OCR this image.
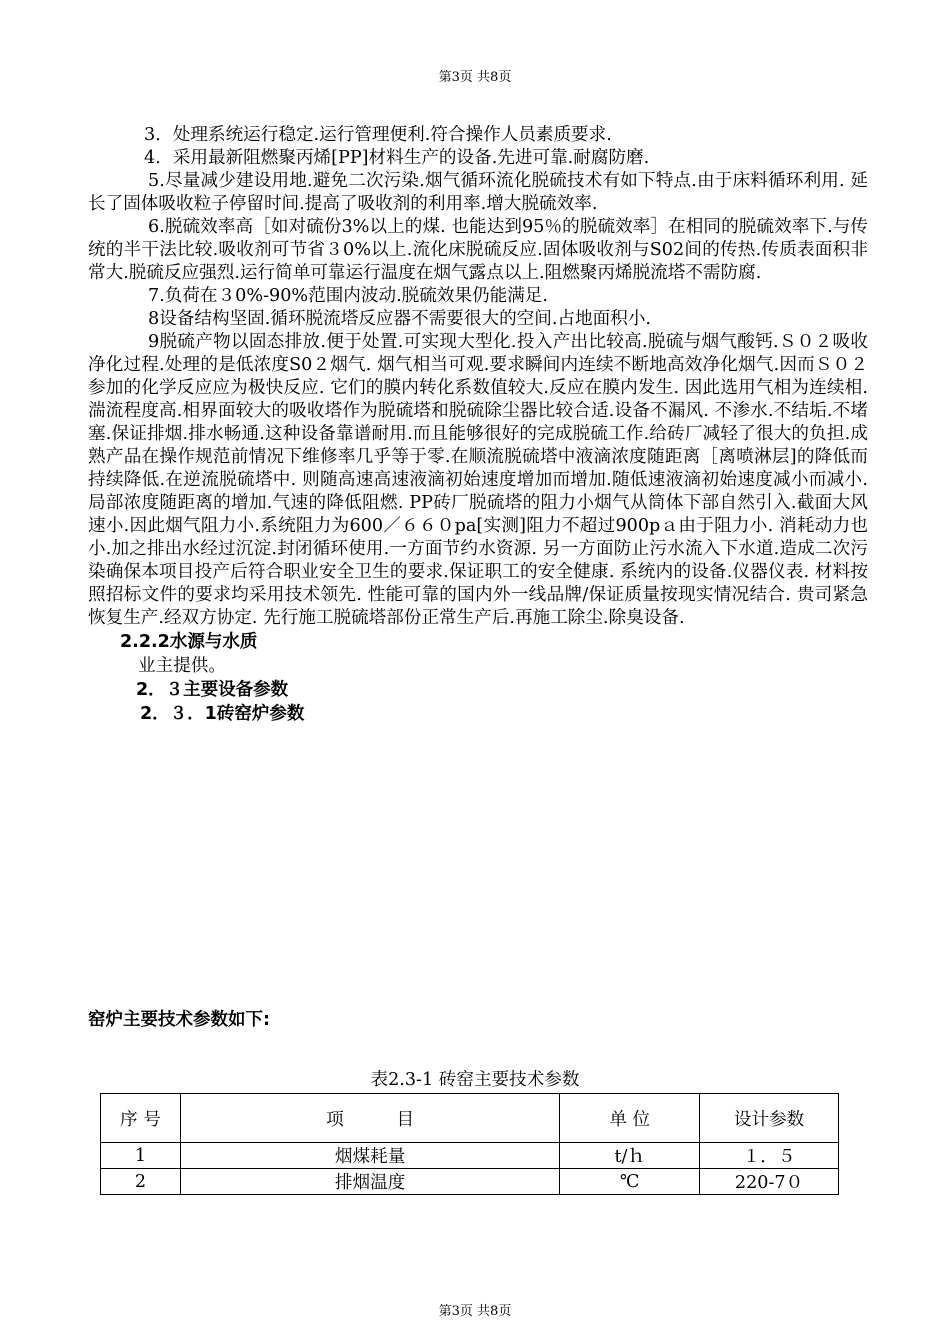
第3页 共8页

3．处理系统运行稳定.运行管理便利.符合操作人员素质要求.

4．采用最新阻燃聚丙烯[PP]材料生产的设备.先进可靠.耐腐防磨.

5.尽量减少建设用地.避免二次污染.烟气循环流化脱硫技术有如下特点.由于床料循环利用. 延长了固体吸收粒子停留时间.提高了吸收剂的利用率.增大脱硫效率.

6.脱硫效率高［如对硫份3%以上的煤. 也能达到95％的脱硫效率］在相同的脱硫效率下.与传统的半干法比较.吸收剂可节省３0%以上.流化床脱硫反应.固体吸收剂与S02间的传热.传质表面积非常大.脱硫反应强烈.运行简单可靠运行温度在烟气露点以上.阻燃聚丙烯脱流塔不需防腐.

7.负荷在３0%-90%范围内波动.脱硫效果仍能满足.

8设备结构坚固.循环脱流塔反应器不需要很大的空间.占地面积小.

9脱硫产物以固态排放.便于处置.可实现大型化.投入产出比较高.脱硫与烟气酸钙.Ｓ０２吸收净化过程.处理的是低浓度S0２烟气. 烟气相当可观.要求瞬间内连续不断地高效净化烟气.因而Ｓ０２参加的化学反应应为极快反应. 它们的膜内转化系数值较大.反应在膜内发生. 因此选用气相为连续相.湍流程度高.相界面较大的吸收塔作为脱硫塔和脱硫除尘器比较合适.设备不漏风. 不渗水.不结垢.不堵塞.保证排烟.排水畅通.这种设备靠谱耐用.而且能够很好的完成脱硫工作.给砖厂减轻了很大的负担.成熟产品在操作规范前情况下维修率几乎等于零.在顺流脱硫塔中液滴浓度随距离［离喷淋层]的降低而持续降低.在逆流脱硫塔中. 则随高速高速液滴初始速度增加而增加.随低速液滴初始速度减小而减小.局部浓度随距离的增加.气速的降低阻燃. PP砖厂脱硫塔的阻力小烟气从筒体下部自然引入.截面大风速小.因此烟气阻力小.系统阻力为600／６６０pa[实测]阻力不超过900pａ由于阻力小. 消耗动力也小.加之排出水经过沉淀.封闭循环使用.一方面节约水资源. 另一方面防止污水流入下水道.造成二次污染确保本项目投产后符合职业安全卫生的要求.保证职工的安全健康. 系统内的设备.仪器仪表. 材料按照招标文件的要求均采用技术领先. 性能可靠的国内外一线品牌/保证质量按现实情况结合. 贵司紧急恢复生产.经双方协定. 先行施工脱硫塔部份正常生产后.再施工除尘.除臭设备.

2.2.2水源与水质

业主提供。

2．３主要设备参数

2．３．1砖窑炉参数

窑炉主要技术参数如下:
表2.3-1 砖窑主要技术参数
序 号	项　　　目	单 位	设计参数
1	烟煤耗量	t/ｈ	１．５
2	排烟温度	℃	220-7０
第3页 共8页
